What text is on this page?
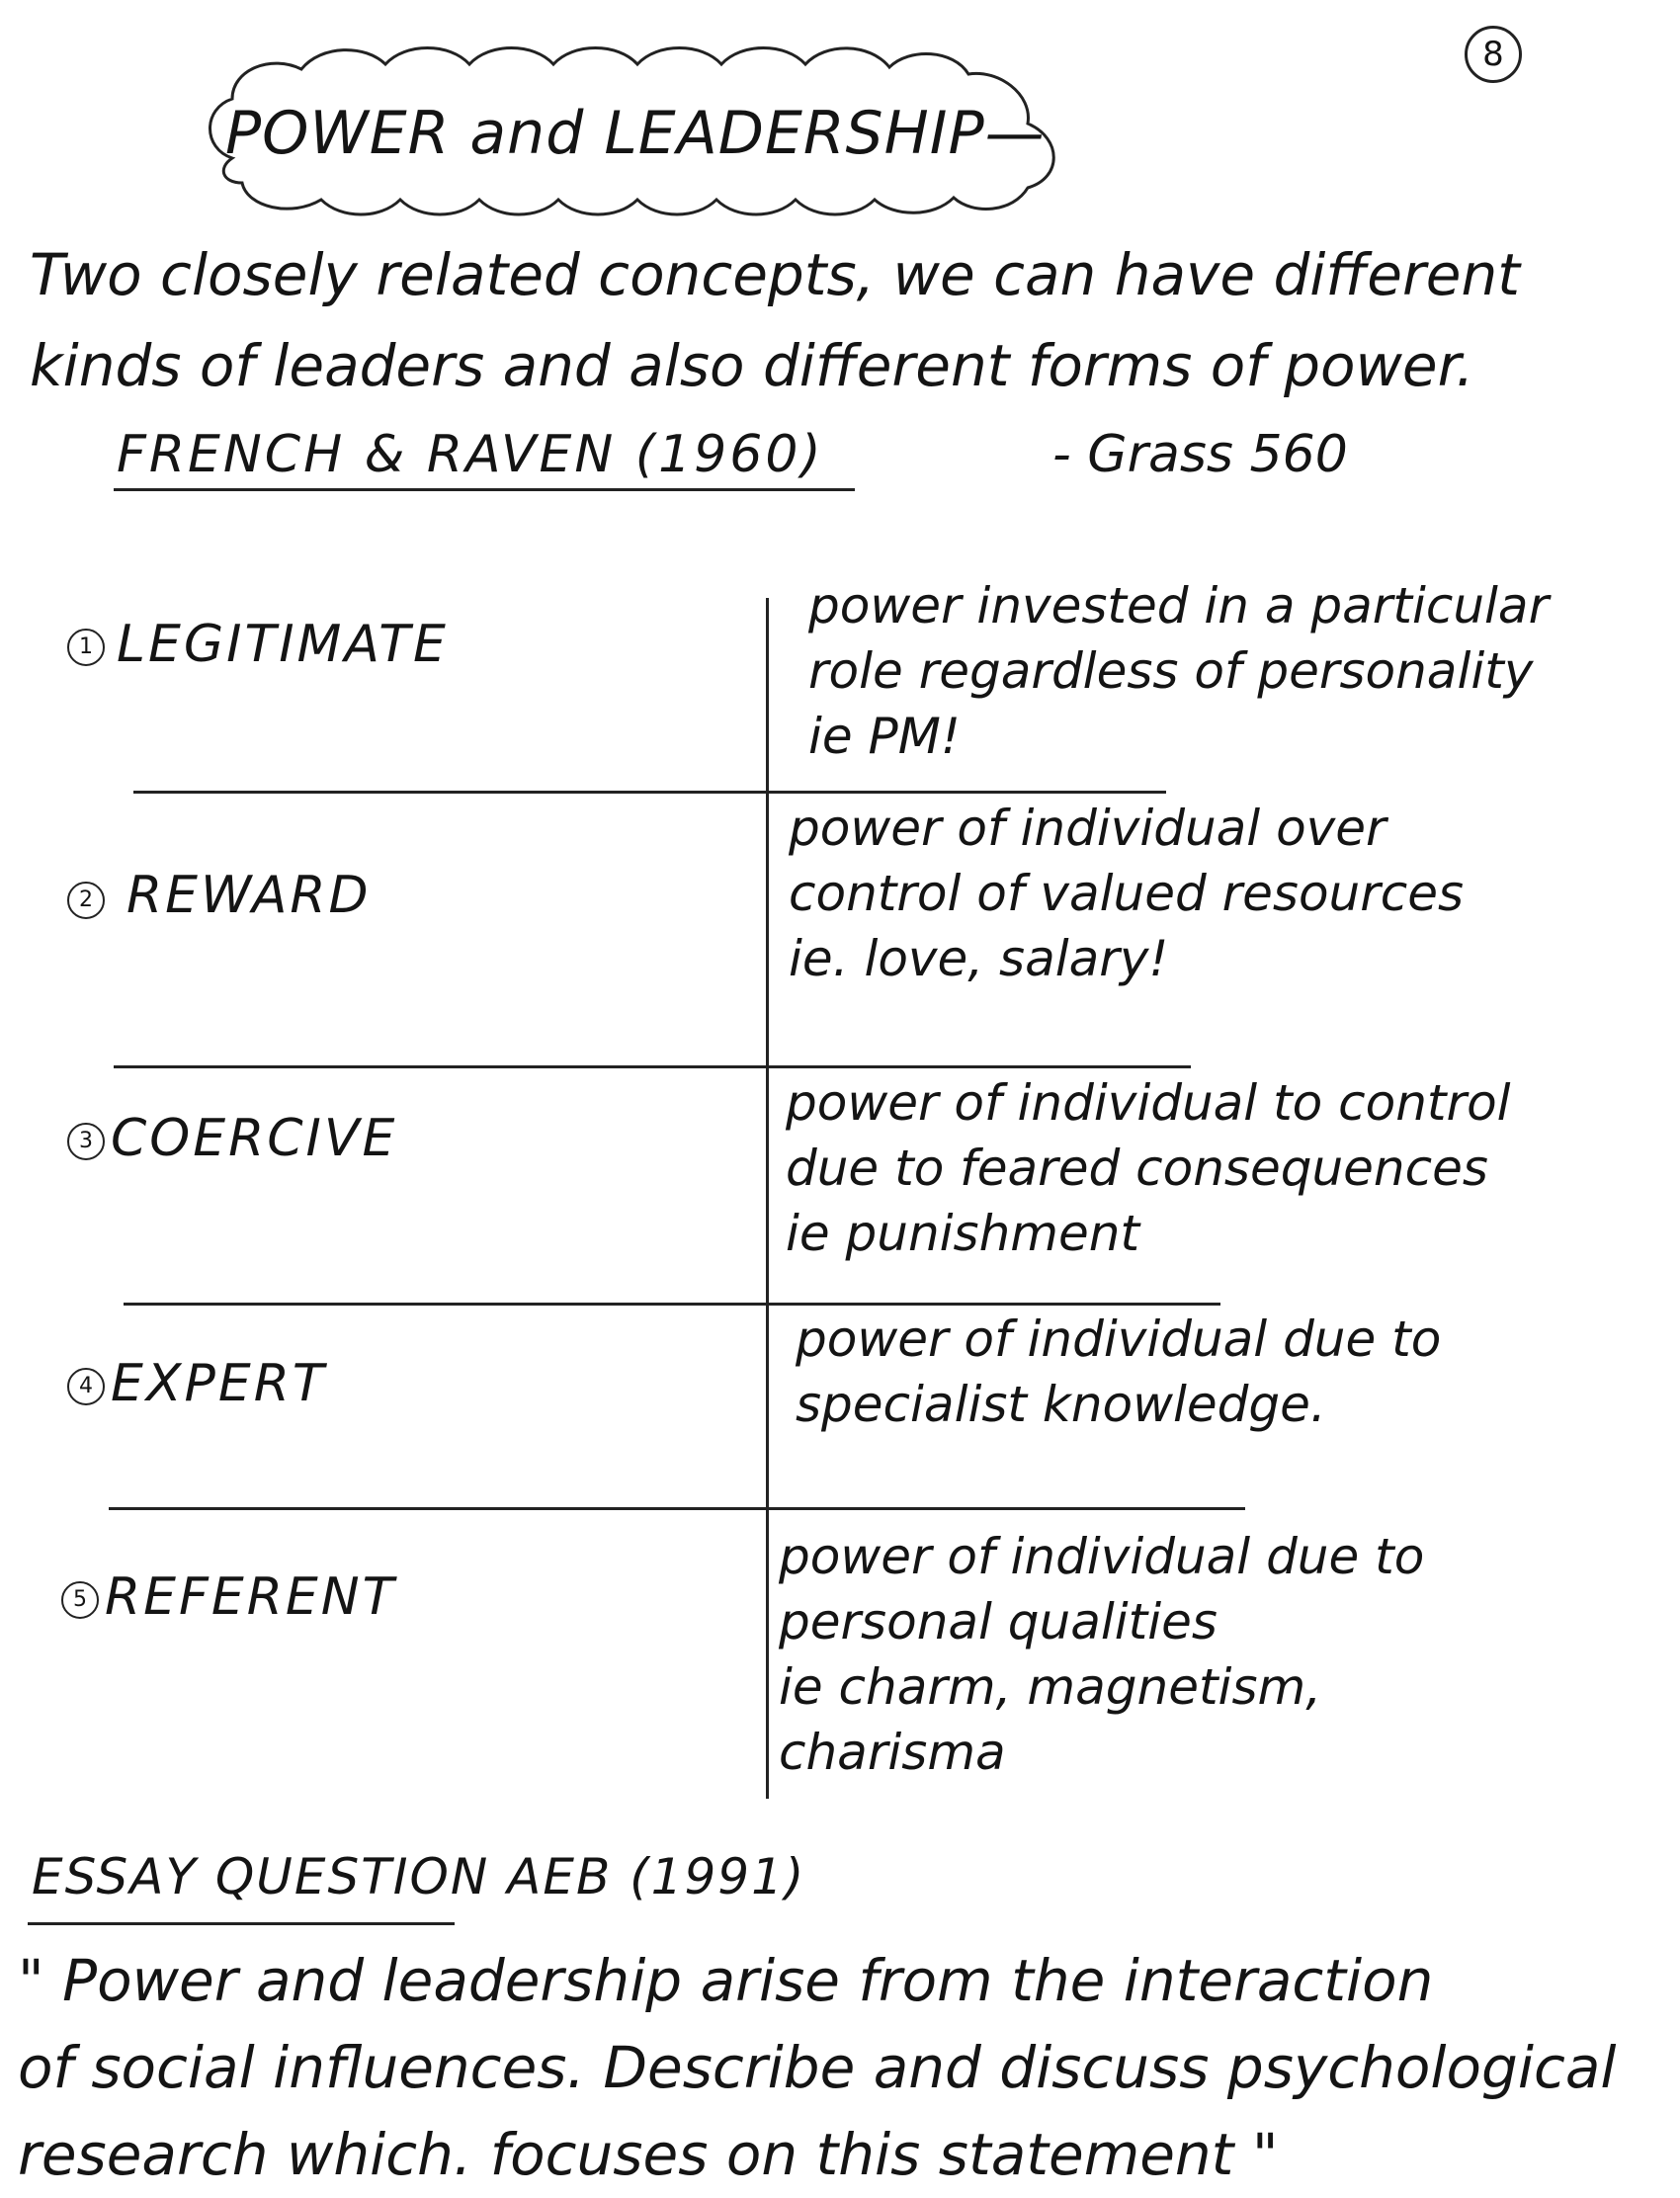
8
POWER and LEADERSHIP—
Two closely related concepts, we can have different
kinds of leaders and also different forms of power.
FRENCH & RAVEN (1960)	- Grass 560
1 LEGITIMATE
power invested in a particular
role regardless of personality
ie PM!
2 REWARD
power of individual over
control of valued resources
ie. love, salary!
3 COERCIVE
power of individual to control
due to feared consequences
ie punishment
4 EXPERT
power of individual due to
specialist knowledge.
5 REFERENT
power of individual due to
personal qualities
ie charm, magnetism,
charisma
ESSAY QUESTION AEB (1991)
" Power and leadership arise from the interaction
of social influences. Describe and discuss psychological
research which. focuses on this statement "
